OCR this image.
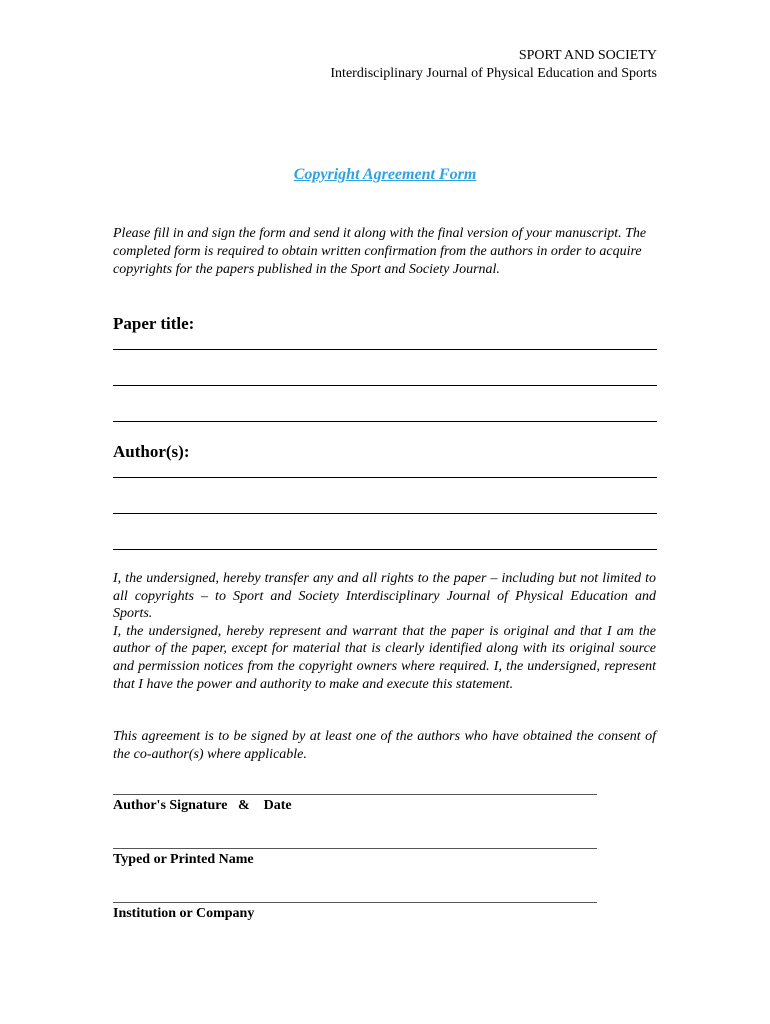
SPORT AND SOCIETY
Interdisciplinary Journal of Physical Education and Sports
Copyright Agreement Form
Please fill in and sign the form and send it along with the final version of your manuscript. The completed form is required to obtain written confirmation from the authors in order to acquire copyrights for the papers published in the Sport and Society Journal.
Paper title:
Author(s):

I, the undersigned, hereby transfer any and all rights to the paper – including but not limited to all copyrights – to Sport and Society Interdisciplinary Journal of Physical Education and Sports.

I, the undersigned, hereby represent and warrant that the paper is original and that I am the author of the paper, except for material that is clearly identified along with its original source and permission notices from the copyright owners where required. I, the undersigned, represent that I have the power and authority to make and execute this statement.

This agreement is to be signed by at least one of the authors who have obtained the consent of the co-author(s) where applicable.
Author's Signature   &    Date
Typed or Printed Name
Institution or Company
